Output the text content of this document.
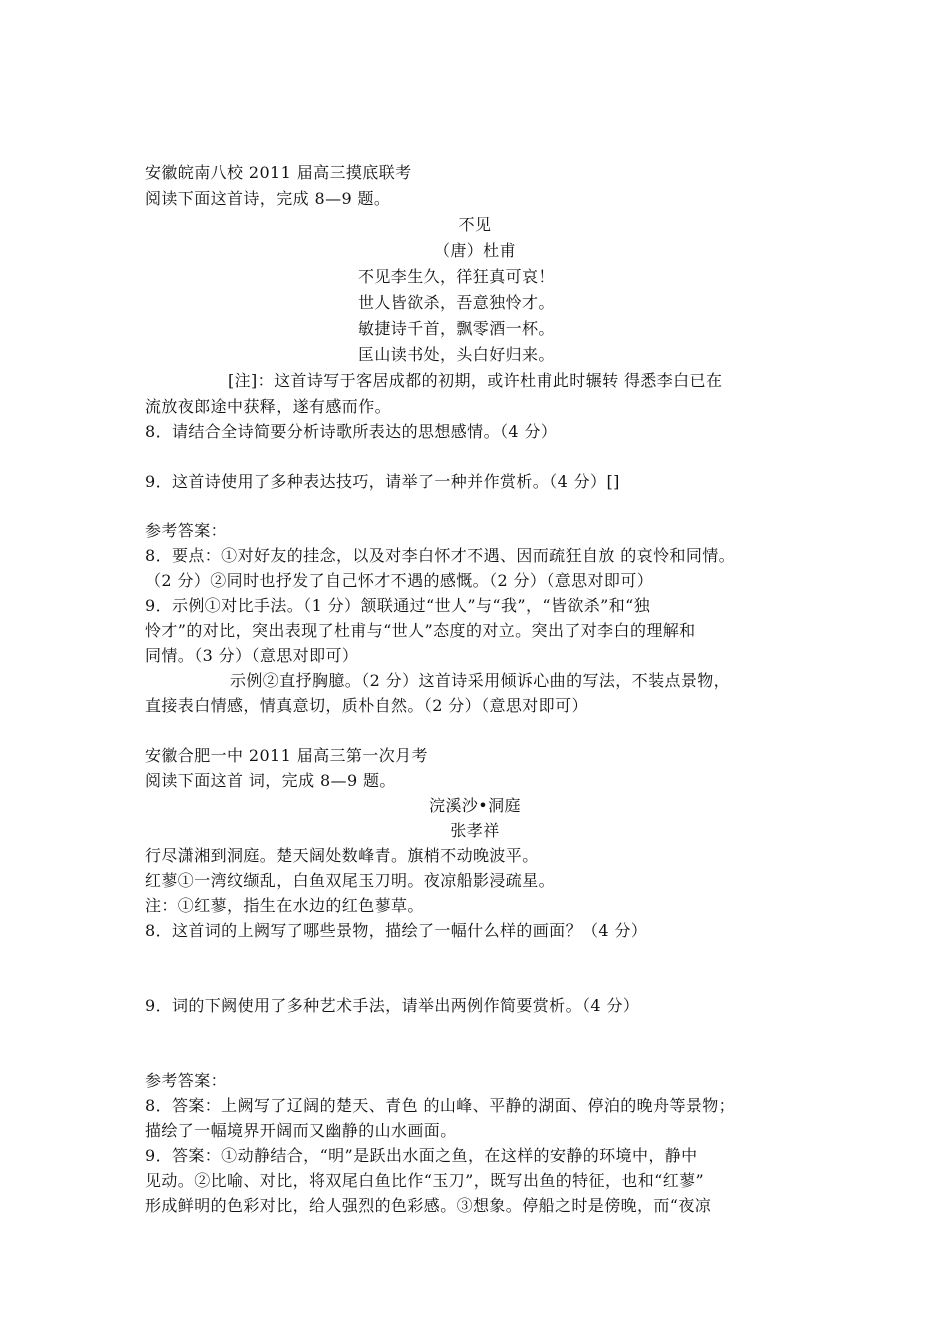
安徽皖南八校 2011 届高三摸底联考
阅读下面这首诗，完成 8—9 题。
不见
（唐）杜甫
不见李生久，徉狂真可哀！
世人皆欲杀，吾意独怜才。
敏捷诗千首，飘零酒一杯。
匡山读书处，头白好归来。
[注]：这首诗写于客居成都的初期，或许杜甫此时辗转 得悉李白已在
流放夜郎途中获释，遂有感而作。
8．请结合全诗简要分析诗歌所表达的思想感情。（4 分）
9．这首诗使用了多种表达技巧，请举了一种并作赏析。（4 分）[]
参考答案：
8．要点：①对好友的挂念，以及对李白怀才不遇、因而疏狂自放 的哀怜和同情。
（2 分）②同时也抒发了自己怀才不遇的感慨。（2 分）（意思对即可）
9．示例①对比手法。（1 分）颔联通过“世人”与“我”，“皆欲杀”和“独
怜才”的对比，突出表现了杜甫与“世人”态度的对立。突出了对李白的理解和
同情。（3 分）（意思对即可）
示例②直抒胸臆。（2 分）这首诗采用倾诉心曲的写法，不装点景物，
直接表白情感，情真意切，质朴自然。（2 分）（意思对即可）
安徽合肥一中 2011 届高三第一次月考
阅读下面这首 词，完成 8—9 题。
浣溪沙•洞庭
张孝祥
行尽潇湘到洞庭。楚天阔处数峰青。旗梢不动晚波平。
红蓼①一湾纹缬乱，白鱼双尾玉刀明。夜凉船影浸疏星。
注：①红蓼，指生在水边的红色蓼草。
8．这首词的上阙写了哪些景物，描绘了一幅什么样的画面？（4 分）
9．词的下阙使用了多种艺术手法，请举出两例作简要赏析。（4 分）
参考答案：
8．答案：上阙写了辽阔的楚天、青色 的山峰、平静的湖面、停泊的晚舟等景物；
描绘了一幅境界开阔而又幽静的山水画面。
9．答案：①动静结合，“明”是跃出水面之鱼，在这样的安静的环境中，静中
见动。②比喻、对比，将双尾白鱼比作“玉刀”，既写出鱼的特征，也和“红蓼”
形成鲜明的色彩对比，给人强烈的色彩感。③想象。停船之时是傍晚，而“夜凉
